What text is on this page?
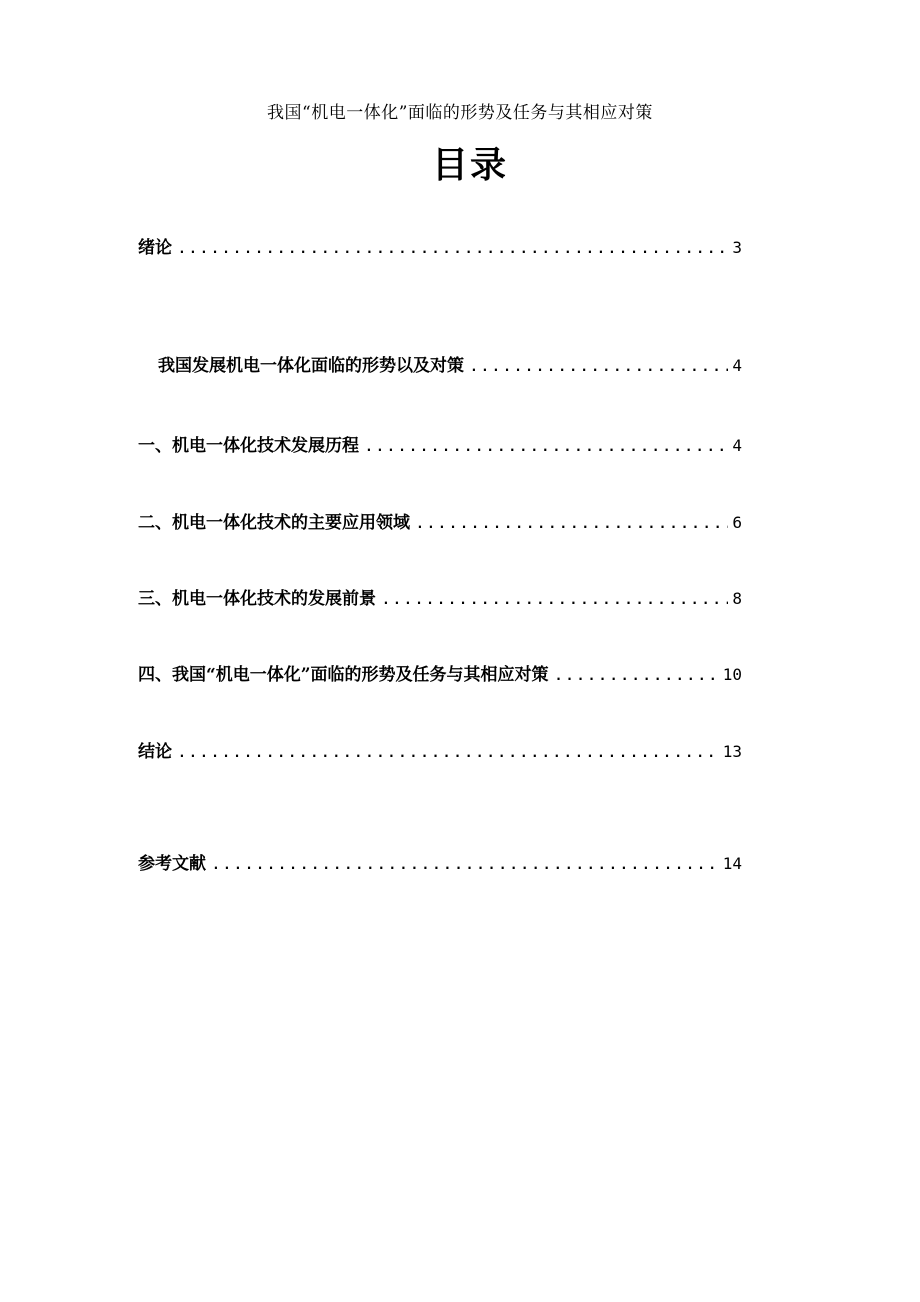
我国“机电一体化”面临的形势及任务与其相应对策
目录
绪论 .....	3
我国发展机电一体化面临的形势以及对策 .....	4
一、机电一体化技术发展历程 .....	4
二、机电一体化技术的主要应用领域 .....	6
三、机电一体化技术的发展前景 .....	8
四、我国“机电一体化”面临的形势及任务与其相应对策 .....	10
结论 .....	13
参考文献 .....	14
